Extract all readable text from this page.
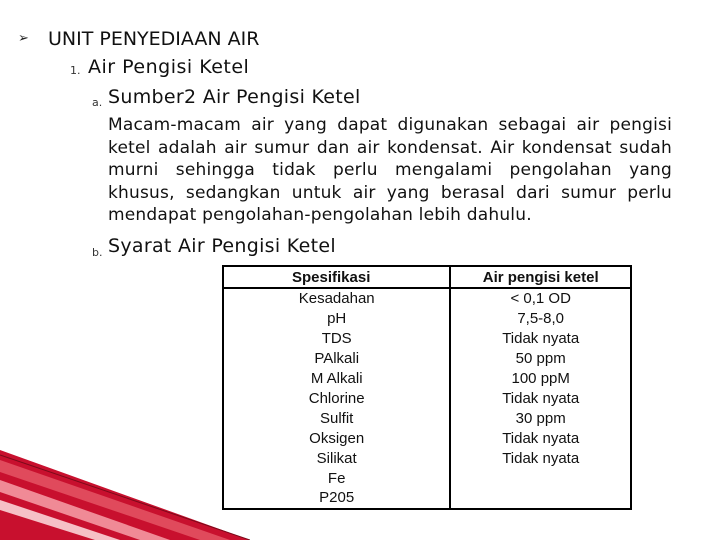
➢ UNIT PENYEDIAAN AIR
1. Air Pengisi Ketel
a. Sumber2 Air Pengisi Ketel
Macam-macam air yang dapat digunakan sebagai air pengisi ketel adalah air sumur dan air kondensat. Air kondensat sudah murni sehingga tidak perlu mengalami pengolahan yang khusus, sedangkan untuk air yang berasal dari sumur perlu mendapat pengolahan-pengolahan lebih dahulu.
b. Syarat Air Pengisi Ketel
Spesifikasi	Air pengisi ketel
Kesadahan	< 0,1 OD
pH	7,5-8,0
TDS	Tidak nyata
PAlkali	50 ppm
M Alkali	100 ppM
Chlorine	Tidak nyata
Sulfit	30 ppm
Oksigen	Tidak nyata
Silikat	Tidak nyata
Fe	
P205	
